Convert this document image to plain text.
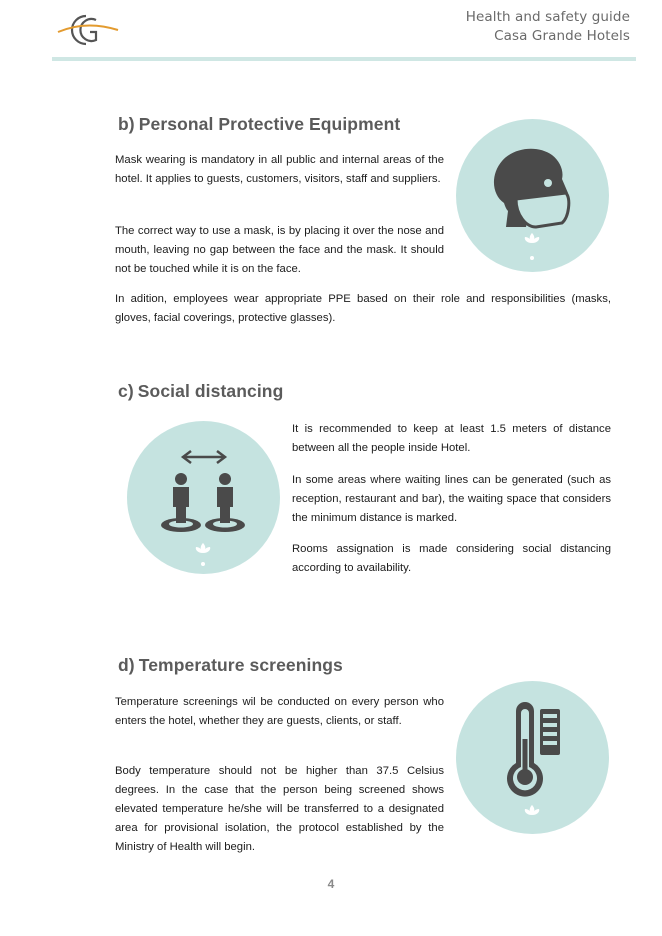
Health and safety guide
Casa Grande Hotels
b) Personal Protective Equipment

Mask wearing is mandatory in all public and internal areas of the hotel. It applies to guests, customers, visitors, staff and suppliers.

The correct way to use a mask, is by placing it over the nose and mouth, leaving no gap between the face and the mask. It should not be touched while it is on the face.

In adition, employees wear appropriate PPE based on their role and responsibilities (masks, gloves, facial coverings, protective glasses).

c) Social distancing

It is recommended to keep at least 1.5 meters of distance between all the people inside Hotel.

In some areas where waiting lines can be generated (such as reception, restaurant and bar), the waiting space that considers the minimum distance is marked.

Rooms assignation is made considering social distancing according to availability.

d) Temperature screenings

Temperature screenings wil be conducted on every person who enters the hotel, whether they are guests, clients, or staff.

Body temperature should not be higher than 37.5 Celsius degrees. In the case that the person being screened shows elevated temperature he/she will be transferred to a designated area for provisional isolation, the protocol established by the Ministry of Health will begin.

4
